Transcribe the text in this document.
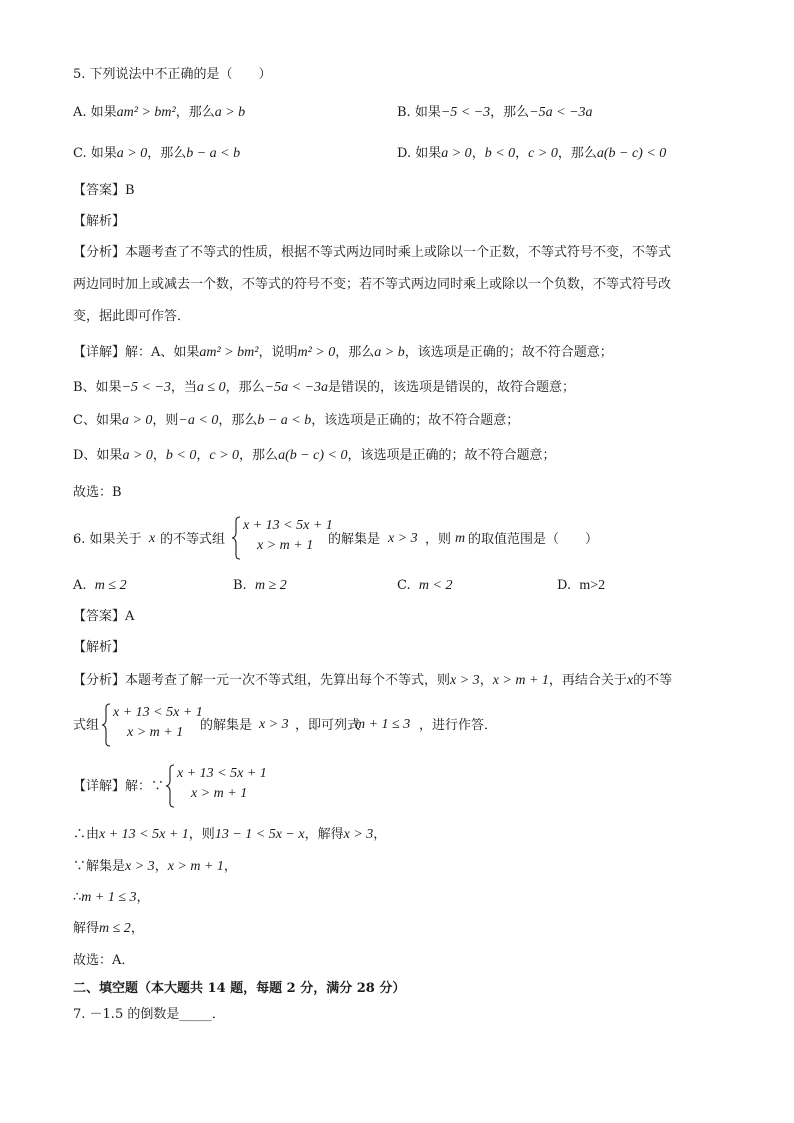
5. 下列说法中不正确的是（　　）
A. 如果am² > bm²，那么a > b	B. 如果−5 < −3，那么−5a < −3a
C. 如果a > 0，那么b − a < b	D. 如果a > 0，b < 0，c > 0，那么a(b − c) < 0
【答案】B
【解析】
【分析】本题考查了不等式的性质，根据不等式两边同时乘上或除以一个正数，不等式符号不变，不等式
两边同时加上或减去一个数，不等式的符号不变；若不等式两边同时乘上或除以一个负数，不等式符号改
变，据此即可作答．
【详解】解：A、如果am² > bm²，说明m² > 0，那么a > b，该选项是正确的；故不符合题意；
B、如果−5 < −3，当a ≤ 0，那么−5a < −3a是错误的，该选项是错误的，故符合题意；
C、如果a > 0，则−a < 0，那么b − a < b，该选项是正确的；故不符合题意；
D、如果a > 0，b < 0，c > 0，那么a(b − c) < 0，该选项是正确的；故不符合题意；
故选：B
6. 如果关于 x 的不等式组
x + 13 < 5x + 1
x > m + 1	的解集是 x > 3 ，则 m 的取值范围是（　　）
A. m ≤ 2	B. m ≥ 2	C. m < 2	D. m>2
【答案】A
【解析】
【分析】本题考查了解一元一次不等式组，先算出每个不等式，则x > 3，x > m + 1，再结合关于x的不等
式组
x + 13 < 5x + 1
x > m + 1	的解集是 x > 3 ，即可列式
m + 1 ≤ 3 ，进行作答．
【详解】解：∵
x + 13 < 5x + 1
x > m + 1
∴由x + 13 < 5x + 1，则13 − 1 < 5x − x，解得x > 3，
∵解集是x > 3，x > m + 1，
∴m + 1 ≤ 3，
解得m ≤ 2，
故选：A．
二、填空题（本大题共 14 题，每题 2 分，满分 28 分）
7. －1.5 的倒数是_____．
